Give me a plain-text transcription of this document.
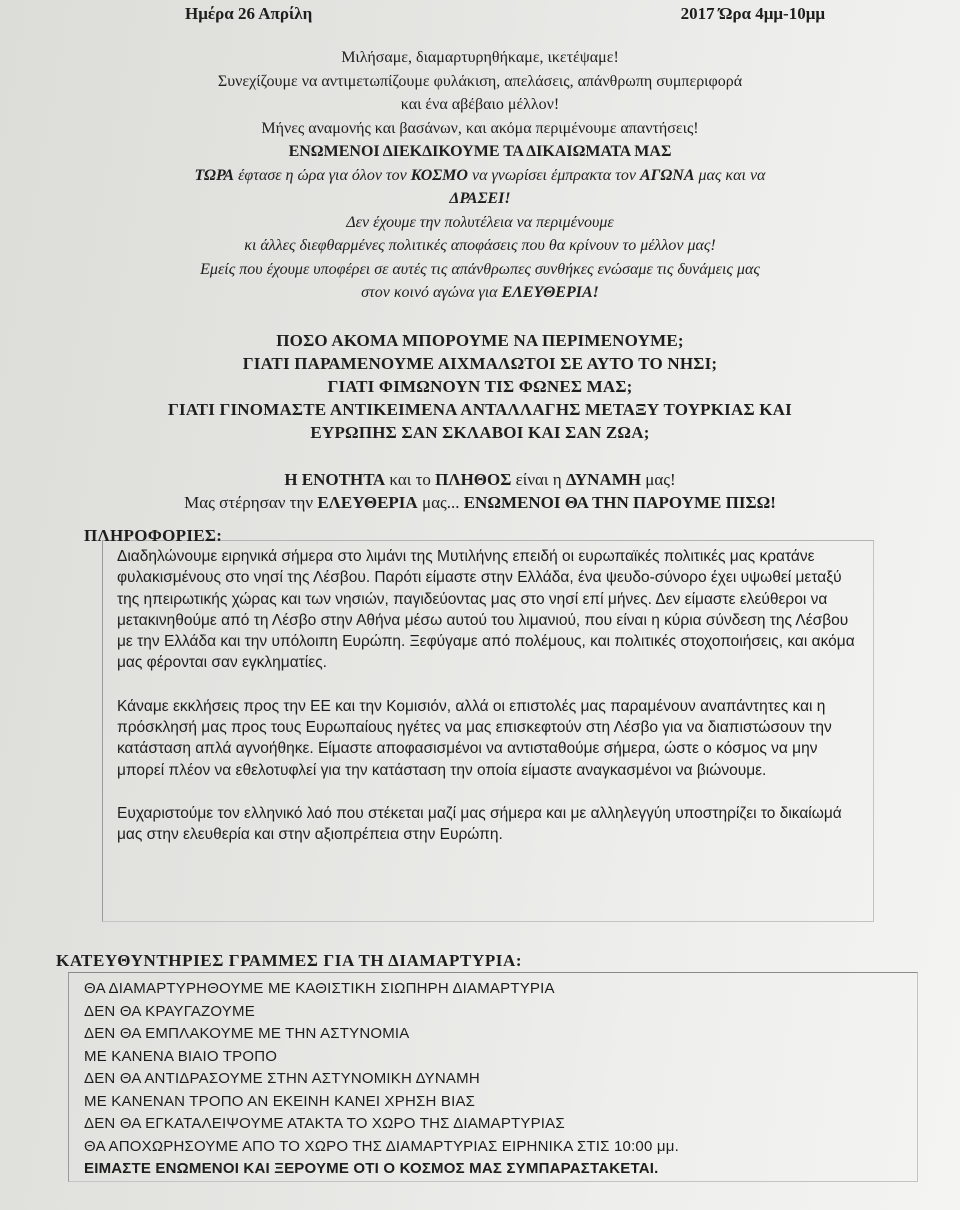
Ημέρα 26 Απρίλη	2017 Ώρα 4μμ-10μμ

Μιλήσαμε, διαμαρτυρηθήκαμε, ικετέψαμε!

Συνεχίζουμε να αντιμετωπίζουμε φυλάκιση, απελάσεις, απάνθρωπη συμπεριφορά

και ένα αβέβαιο μέλλον!

Μήνες αναμονής και βασάνων, και ακόμα περιμένουμε απαντήσεις!

ΕΝΩΜΕΝΟΙ ΔΙΕΚΔΙΚΟΥΜΕ ΤΑ ΔΙΚΑΙΩΜΑΤΑ ΜΑΣ

ΤΩΡΑ έφτασε η ώρα για όλον τον ΚΟΣΜΟ να γνωρίσει έμπρακτα τον ΑΓΩΝΑ μας και να

ΔΡΑΣΕΙ!

Δεν έχουμε την πολυτέλεια να περιμένουμε

κι άλλες διεφθαρμένες πολιτικές αποφάσεις που θα κρίνουν το μέλλον μας!

Εμείς που έχουμε υποφέρει σε αυτές τις απάνθρωπες συνθήκες ενώσαμε τις δυνάμεις μας

στον κοινό αγώνα για ΕΛΕΥΘΕΡΙΑ!

ΠΟΣΟ ΑΚΟΜΑ ΜΠΟΡΟΥΜΕ ΝΑ ΠΕΡΙΜΕΝΟΥΜΕ;

ΓΙΑΤΙ ΠΑΡΑΜΕΝΟΥΜΕ ΑΙΧΜΑΛΩΤΟΙ ΣΕ ΑΥΤΟ ΤΟ ΝΗΣΙ;

ΓΙΑΤΙ ΦΙΜΩΝΟΥΝ ΤΙΣ ΦΩΝΕΣ ΜΑΣ;

ΓΙΑΤΙ ΓΙΝΟΜΑΣΤΕ ΑΝΤΙΚΕΙΜΕΝΑ ΑΝΤΑΛΛΑΓΗΣ ΜΕΤΑΞΥ ΤΟΥΡΚΙΑΣ ΚΑΙ

ΕΥΡΩΠΗΣ ΣΑΝ ΣΚΛΑΒΟΙ ΚΑΙ ΣΑΝ ΖΩΑ;

Η ΕΝΟΤΗΤΑ και το ΠΛΗΘΟΣ είναι η ΔΥΝΑΜΗ μας!

Μας στέρησαν την ΕΛΕΥΘΕΡΙΑ μας... ΕΝΩΜΕΝΟΙ ΘΑ ΤΗΝ ΠΑΡΟΥΜΕ ΠΙΣΩ!

ΠΛΗΡΟΦΟΡΙΕΣ:

Διαδηλώνουμε ειρηνικά σήμερα στο λιμάνι της Μυτιλήνης επειδή οι ευρωπαϊκές πολιτικές μας κρατάνε φυλακισμένους στο νησί της Λέσβου. Παρότι είμαστε στην Ελλάδα, ένα ψευδο-σύνορο έχει υψωθεί μεταξύ της ηπειρωτικής χώρας και των νησιών, παγιδεύοντας μας στο νησί επί μήνες. Δεν είμαστε ελεύθεροι να μετακινηθούμε από τη Λέσβο στην Αθήνα μέσω αυτού του λιμανιού, που είναι η κύρια σύνδεση της Λέσβου με την Ελλάδα και την υπόλοιπη Ευρώπη. Ξεφύγαμε από πολέμους, και πολιτικές στοχοποιήσεις, και ακόμα μας φέρονται σαν εγκληματίες.

Κάναμε εκκλήσεις προς την ΕΕ και την Κομισιόν, αλλά οι επιστολές μας παραμένουν αναπάντητες και η πρόσκλησή μας προς τους Ευρωπαίους ηγέτες να μας επισκεφτούν στη Λέσβο για να διαπιστώσουν την κατάσταση απλά αγνοήθηκε. Είμαστε αποφασισμένοι να αντισταθούμε σήμερα, ώστε ο κόσμος να μην μπορεί πλέον να εθελοτυφλεί για την κατάσταση την οποία είμαστε αναγκασμένοι να βιώνουμε.

Ευχαριστούμε τον ελληνικό λαό που στέκεται μαζί μας σήμερα και με αλληλεγγύη υποστηρίζει το δικαίωμά μας στην ελευθερία και στην αξιοπρέπεια στην Ευρώπη.

ΚΑΤΕΥΘΥΝΤΗΡΙΕΣ ΓΡΑΜΜΕΣ ΓΙΑ ΤΗ ΔΙΑΜΑΡΤΥΡΙΑ:
ΘΑ ΔΙΑΜΑΡΤΥΡΗΘΟΥΜΕ ΜΕ ΚΑΘΙΣΤΙΚΗ ΣΙΩΠΗΡΗ ΔΙΑΜΑΡΤΥΡΙΑ
ΔΕΝ ΘΑ ΚΡΑΥΓΑΖΟΥΜΕ
ΔΕΝ ΘΑ ΕΜΠΛΑΚΟΥΜΕ ΜΕ ΤΗΝ ΑΣΤΥΝΟΜΙΑ
ΜΕ ΚΑΝΕΝΑ ΒΙΑΙΟ ΤΡΟΠΟ
ΔΕΝ ΘΑ ΑΝΤΙΔΡΑΣΟΥΜΕ ΣΤΗΝ ΑΣΤΥΝΟΜΙΚΗ ΔΥΝΑΜΗ
ΜΕ ΚΑΝΕΝΑΝ ΤΡΟΠΟ ΑΝ ΕΚΕΙΝΗ ΚΑΝΕΙ ΧΡΗΣΗ ΒΙΑΣ
ΔΕΝ ΘΑ ΕΓΚΑΤΑΛΕΙΨΟΥΜΕ ΑΤΑΚΤΑ ΤΟ ΧΩΡΟ ΤΗΣ ΔΙΑΜΑΡΤΥΡΙΑΣ
ΘΑ ΑΠΟΧΩΡΗΣΟΥΜΕ ΑΠΟ ΤΟ ΧΩΡΟ ΤΗΣ ΔΙΑΜΑΡΤΥΡΙΑΣ ΕΙΡΗΝΙΚΑ ΣΤΙΣ 10:00 μμ.
ΕΙΜΑΣΤΕ ΕΝΩΜΕΝΟΙ ΚΑΙ ΞΕΡΟΥΜΕ ΟΤΙ Ο ΚΟΣΜΟΣ ΜΑΣ ΣΥΜΠΑΡΑΣΤΑΚΕΤΑΙ.
